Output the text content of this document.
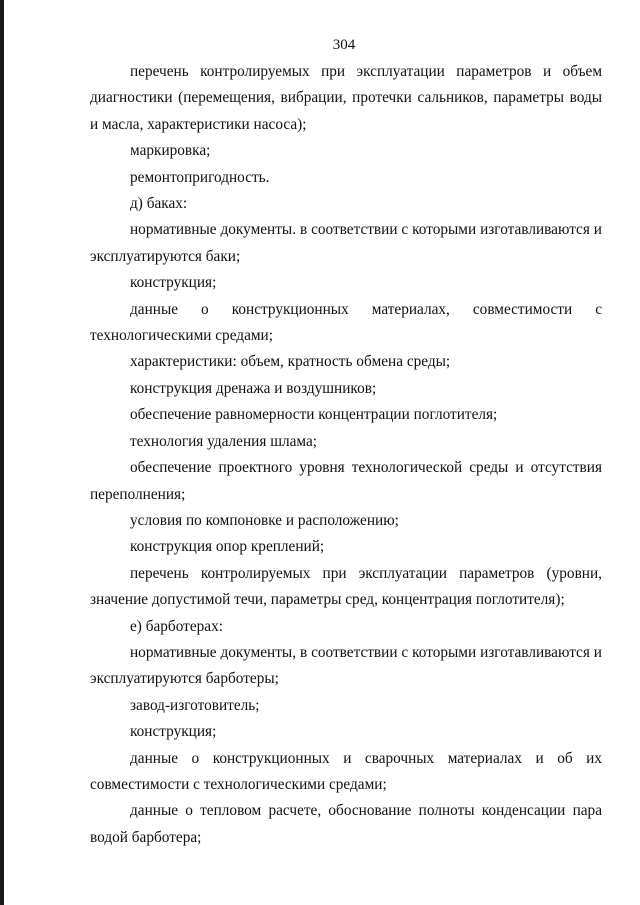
304

перечень контролируемых при эксплуатации параметров и объем диагностики (перемещения, вибрации, протечки сальников, параметры воды и масла, характеристики насоса);

маркировка;

ремонтопригодность.

д) баках:

нормативные документы. в соответствии с которыми изготавливаются и эксплуатируются баки;

конструкция;

данные о конструкционных материалах, совместимости с технологическими средами;

характеристики: объем, кратность обмена среды;

конструкция дренажа и воздушников;

обеспечение равномерности концентрации поглотителя;

технология удаления шлама;

обеспечение проектного уровня технологической среды и отсутствия переполнения;

условия по компоновке и расположению;

конструкция опор креплений;

перечень контролируемых при эксплуатации параметров (уровни, значение допустимой течи, параметры сред, концентрация поглотителя);

е) барботерах:

нормативные документы, в соответствии с которыми изготавливаются и эксплуатируются барботеры;

завод-изготовитель;

конструкция;

данные о конструкционных и сварочных материалах и об их совместимости с технологическими средами;

данные о тепловом расчете, обоснование полноты конденсации пара водой барботера;
